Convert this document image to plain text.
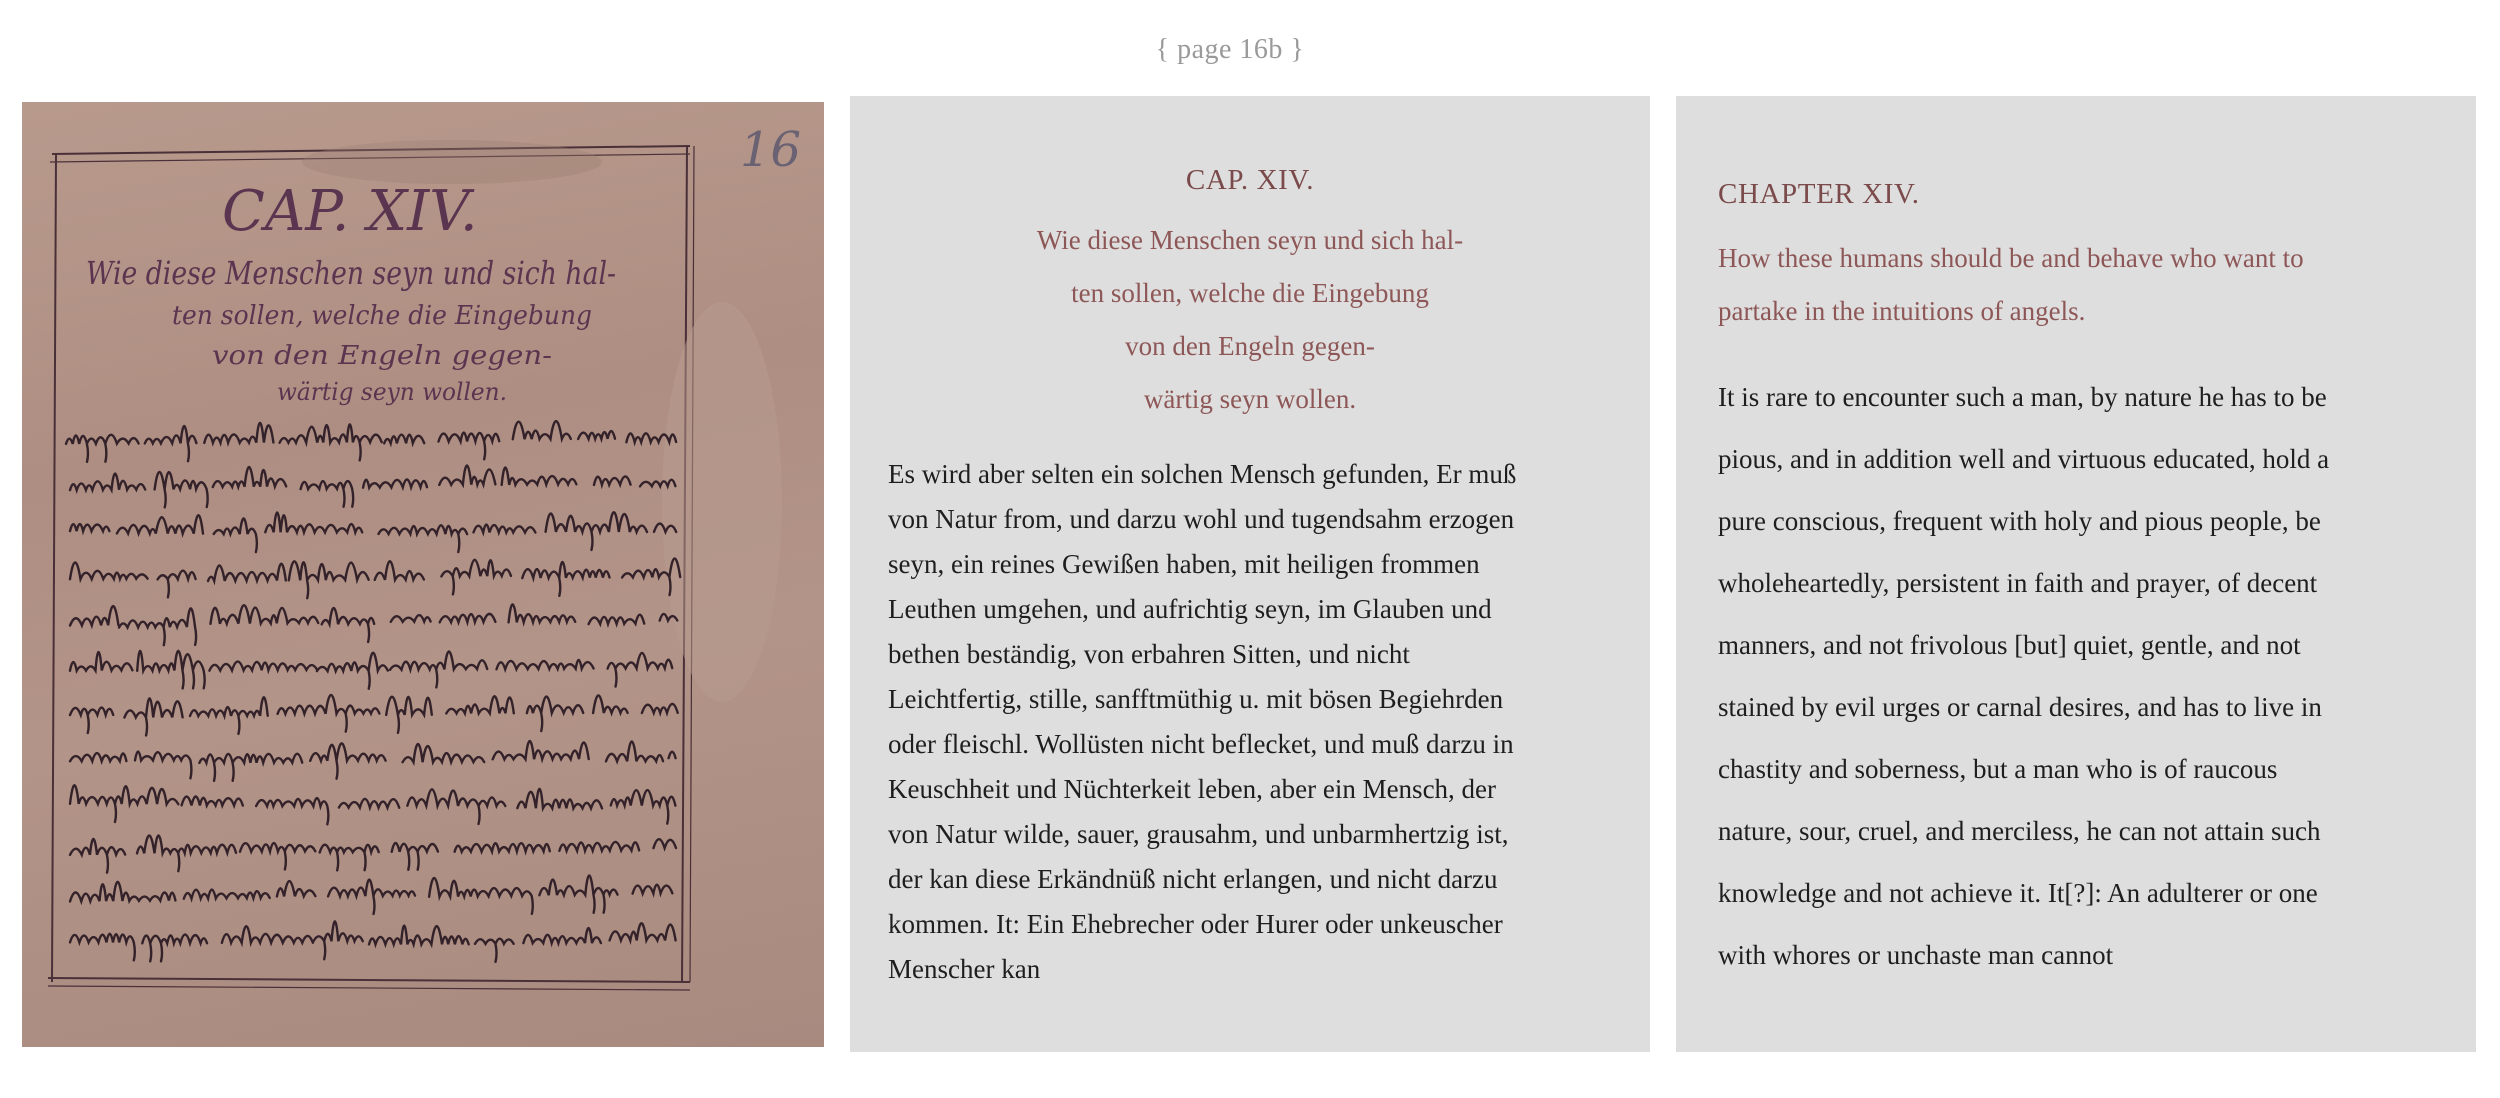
{ page 16b }
16
CAP. XIV.
Wie diese Menschen seyn und sich hal-
ten sollen, welche die Eingebung
von den Engeln gegen-
wärtig seyn wollen.
CAP. XIV.
Wie diese Menschen seyn und sich hal-
ten sollen, welche die Eingebung
von den Engeln gegen-
wärtig seyn wollen.
Es wird aber selten ein solchen Mensch gefunden, Er muß
von Natur from, und darzu wohl und tugendsahm erzogen
seyn, ein reines Gewißen haben, mit heiligen frommen
Leuthen umgehen, und aufrichtig seyn, im Glauben und
bethen beständig, von erbahren Sitten, und nicht
Leichtfertig, stille, sanfftmüthig u. mit bösen Begiehrden
oder fleischl. Wollüsten nicht beflecket, und muß darzu in
Keuschheit und Nüchterkeit leben, aber ein Mensch, der
von Natur wilde, sauer, grausahm, und unbarmhertzig ist,
der kan diese Erkändnüß nicht erlangen, und nicht darzu
kommen. It: Ein Ehebrecher oder Hurer oder unkeuscher
Menscher kan
CHAPTER XIV.
How these humans should be and behave who want to
partake in the intuitions of angels.
It is rare to encounter such a man, by nature he has to be
pious, and in addition well and virtuous educated, hold a
pure conscious, frequent with holy and pious people, be
wholeheartedly, persistent in faith and prayer, of decent
manners, and not frivolous [but] quiet, gentle, and not
stained by evil urges or carnal desires, and has to live in
chastity and soberness, but a man who is of raucous
nature, sour, cruel, and merciless, he can not attain such
knowledge and not achieve it. It[?]: An adulterer or one
with whores or unchaste man cannot
